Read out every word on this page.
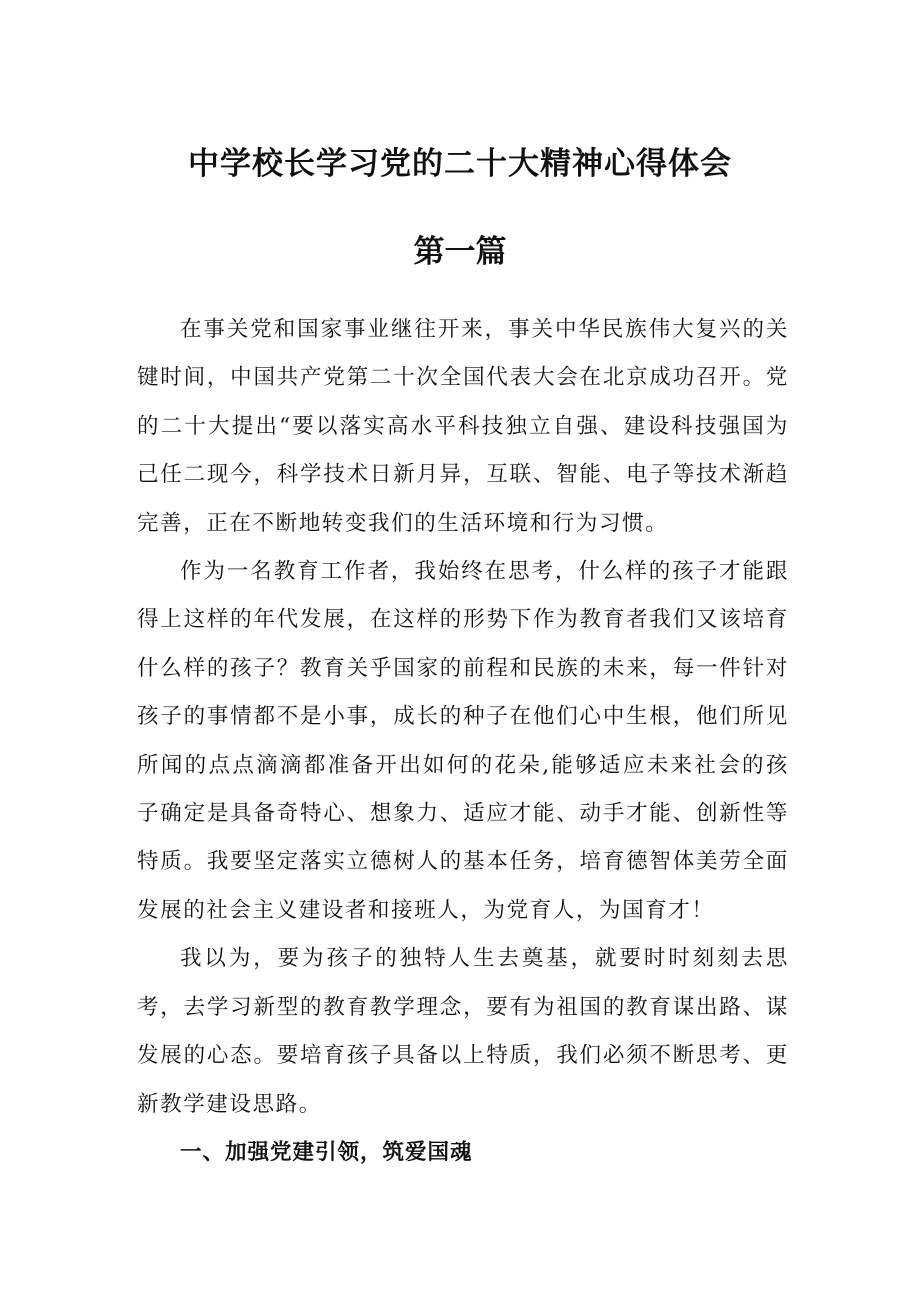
中学校长学习党的二十大精神心得体会
第一篇

在事关党和国家事业继往开来，事关中华民族伟大复兴的关键时间，中国共产党第二十次全国代表大会在北京成功召开。党的二十大提出“要以落实高水平科技独立自强、建设科技强国为己任二现今，科学技术日新月异，互联、智能、电子等技术渐趋完善，正在不断地转变我们的生活环境和行为习惯。

作为一名教育工作者，我始终在思考，什么样的孩子才能跟得上这样的年代发展，在这样的形势下作为教育者我们又该培育什么样的孩子？教育关乎国家的前程和民族的未来，每一件针对孩子的事情都不是小事，成长的种子在他们心中生根，他们所见所闻的点点滴滴都准备开出如何的花朵,能够适应未来社会的孩子确定是具备奇特心、想象力、适应才能、动手才能、创新性等特质。我要坚定落实立德树人的基本任务，培育德智体美劳全面发展的社会主义建设者和接班人，为党育人，为国育才！

我以为，要为孩子的独特人生去奠基，就要时时刻刻去思考，去学习新型的教育教学理念，要有为祖国的教育谋出路、谋发展的心态。要培育孩子具备以上特质，我们必须不断思考、更新教学建设思路。

一、加强党建引领，筑爱国魂
